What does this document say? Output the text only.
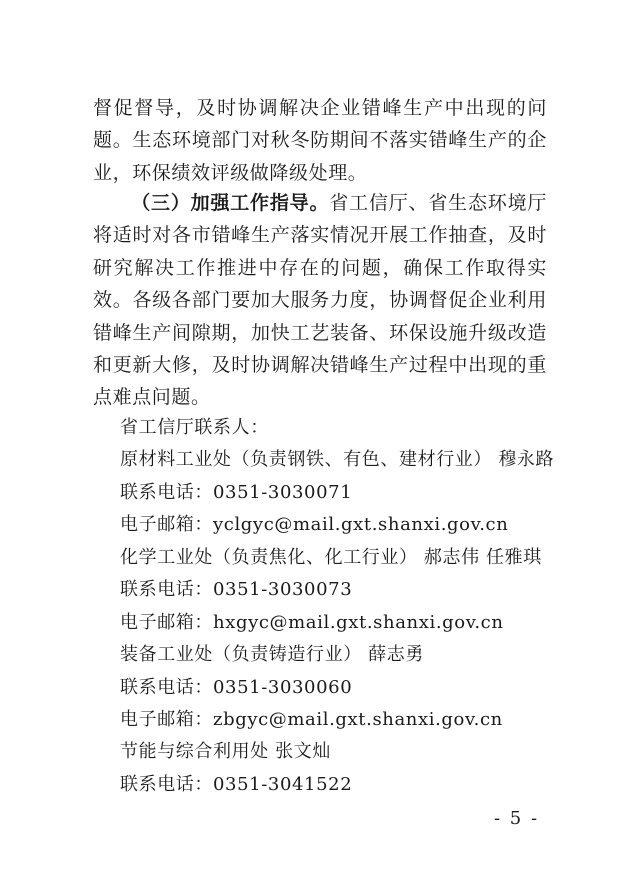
督促督导，及时协调解决企业错峰生产中出现的问题。生态环境部门对秋冬防期间不落实错峰生产的企业，环保绩效评级做降级处理。

（三）加强工作指导。省工信厅、省生态环境厅将适时对各市错峰生产落实情况开展工作抽查，及时研究解决工作推进中存在的问题，确保工作取得实效。各级各部门要加大服务力度，协调督促企业利用错峰生产间隙期，加快工艺装备、环保设施升级改造和更新大修，及时协调解决错峰生产过程中出现的重点难点问题。

省工信厅联系人：

原材料工业处（负责钢铁、有色、建材行业） 穆永路

联系电话：0351-3030071

电子邮箱：yclgyc@mail.gxt.shanxi.gov.cn

化学工业处（负责焦化、化工行业） 郝志伟 任雅琪

联系电话：0351-3030073

电子邮箱：hxgyc@mail.gxt.shanxi.gov.cn

装备工业处（负责铸造行业） 薛志勇

联系电话：0351-3030060

电子邮箱：zbgyc@mail.gxt.shanxi.gov.cn

节能与综合利用处 张文灿

联系电话：0351-3041522

- 5 -
